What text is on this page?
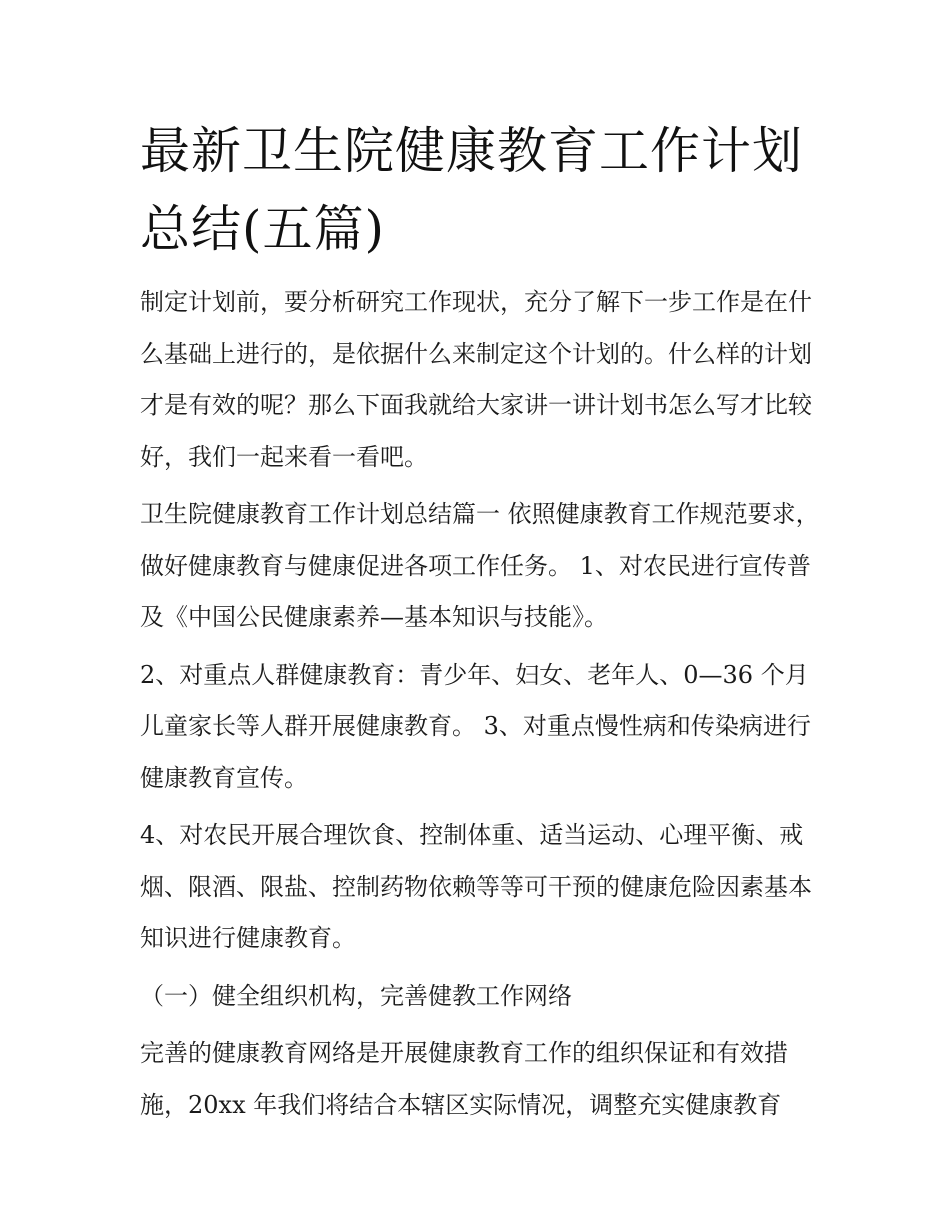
最新卫生院健康教育工作计划总结(五篇)

制定计划前，要分析研究工作现状，充分了解下一步工作是在什么基础上进行的，是依据什么来制定这个计划的。什么样的计划才是有效的呢？那么下面我就给大家讲一讲计划书怎么写才比较好，我们一起来看一看吧。

卫生院健康教育工作计划总结篇一 依照健康教育工作规范要求，做好健康教育与健康促进各项工作任务。 1、对农民进行宣传普及《中国公民健康素养—基本知识与技能》。

2、对重点人群健康教育：青少年、妇女、老年人、0—36 个月儿童家长等人群开展健康教育。 3、对重点慢性病和传染病进行健康教育宣传。

4、对农民开展合理饮食、控制体重、适当运动、心理平衡、戒烟、限酒、限盐、控制药物依赖等等可干预的健康危险因素基本知识进行健康教育。

（一）健全组织机构，完善健教工作网络

完善的健康教育网络是开展健康教育工作的组织保证和有效措施，20xx 年我们将结合本辖区实际情况，调整充实健康教育
